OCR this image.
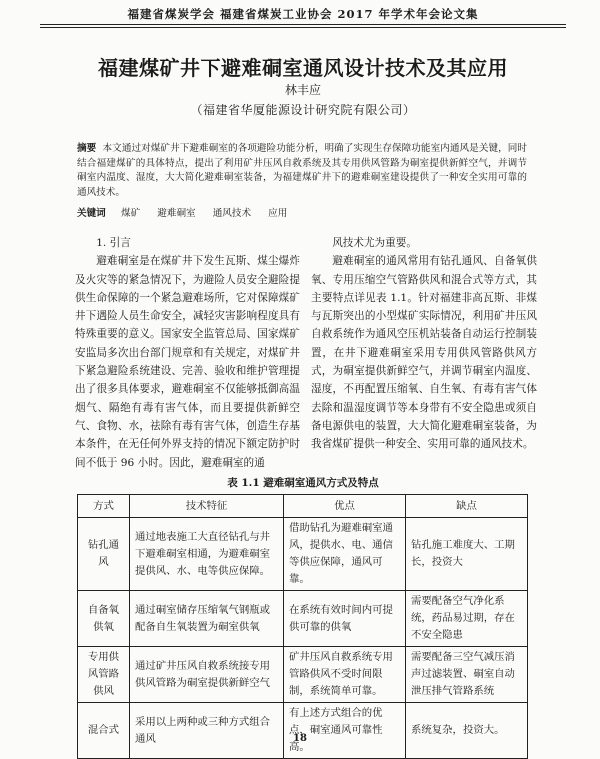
福建省煤炭学会 福建省煤炭工业协会 2017 年学术年会论文集
福建煤矿井下避难硐室通风设计技术及其应用
林丰应
（福建省华厦能源设计研究院有限公司）
摘要 本文通过对煤矿井下避难硐室的各项避险功能分析，明确了实现生存保障功能室内通风是关键，同时结合福建煤矿的具体特点，提出了利用矿井压风自救系统及其专用供风管路为硐室提供新鲜空气，并调节硐室内温度、湿度，大大简化避难硐室装备，为福建煤矿井下的避难硐室建设提供了一种安全实用可靠的通风技术。
关键词 煤矿 避难硐室 通风技术 应用

1. 引言

避难硐室是在煤矿井下发生瓦斯、煤尘爆炸及火灾等的紧急情况下，为避险人员安全避险提供生命保障的一个紧急避难场所，它对保障煤矿井下遇险人员生命安全，减轻灾害影响程度具有特殊重要的意义。国家安全监管总局、国家煤矿安监局多次出台部门规章和有关规定，对煤矿井下紧急避险系统建设、完善、验收和维护管理提出了很多具体要求，避难硐室不仅能够抵御高温烟气、隔绝有毒有害气体，而且要提供新鲜空气、食物、水，祛除有毒有害气体，创造生存基本条件，在无任何外界支持的情况下额定防护时间不低于 96 小时。因此，避难硐室的通

风技术尤为重要。

避难硐室的通风常用有钻孔通风、自备氧供氧、专用压缩空气管路供风和混合式等方式，其主要特点详见表 1.1。针对福建非高瓦斯、非煤与瓦斯突出的小型煤矿实际情况，利用矿井压风自救系统作为通风空压机站装备自动运行控制装置，在井下避难硐室采用专用供风管路供风方式，为硐室提供新鲜空气，并调节硐室内温度、湿度，不再配置压缩氧、自生氧、有毒有害气体去除和温湿度调节等本身带有不安全隐患或须自备电源供电的装置，大大简化避难硐室装备，为我省煤矿提供一种安全、实用可靠的通风技术。

表 1.1 避难硐室通风方式及特点
方式	技术特征	优点	缺点
钻孔通风	通过地表施工大直径钻孔与井下避难硐室相通，为避难硐室提供风、水、电等供应保障。	借助钻孔为避难硐室通风，提供水、电、通信等供应保障，通风可靠。	钻孔施工难度大、工期长，投资大
自备氧供氧	通过硐室储存压缩氧气钢瓶或配备自生氧装置为硐室供氧	在系统有效时间内可提供可靠的供氧	需要配备空气净化系统，药品易过期，存在不安全隐患
专用供风管路供风	通过矿井压风自救系统接专用供风管路为硐室提供新鲜空气	矿井压风自救系统专用管路供风不受时间限制，系统简单可靠。	需要配备三空气减压消声过滤装置、硐室自动泄压排气管路系统
混合式	采用以上两种或三种方式组合通风	有上述方式组合的优点，硐室通风可靠性高。	系统复杂，投资大。
18
